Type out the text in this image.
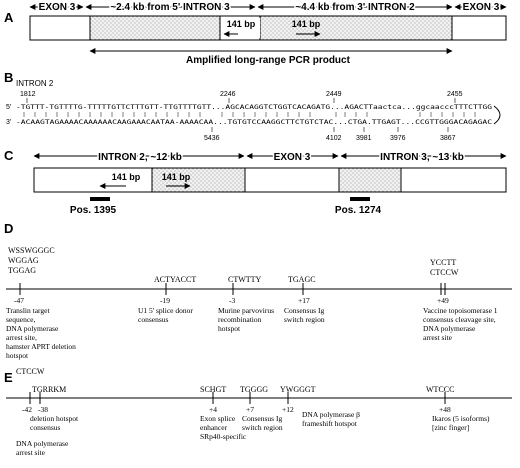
A
EXON 3	~2.4 kb from 5' INTRON 3	~4.4 kb from 3' INTRON 2	EXON 3
141 bp	141 bp
Amplified long-range PCR product
B INTRON 2
1812	2246	2449	2455
5' -TGTTT-TGTTTTG-TTTTTGTTCTTTGTT-TTGTTTTGTT...AGCACAGGTCTGGTCACAGATG...AGACTTaactca...ggcaacccTTTCTTGG
3' -ACAAGTAGAAAACAAAAAACAAGAAACAATAA-AAAACAA...TGTGTCCAAGGCTTCTGTCTAC...CTGA.TTGAGT...CCGTTGGGACAGAGAC
5436	4102 3981	3976	3867
C	INTRON 2, ~12 kb	EXON 3	INTRON 3, ~13 kb
141 bp 141 bp
Pos. 1395	Pos. 1274
D
WSSWGGGC
WGGAG
TGGAG
ACTYACCT	CTWTTY	TGAGC
YCCTT
CTCCW
-47	-19	-3	+17	+49
Translin target
sequence,
DNA polymerase
arrest site,
hamster APRT deletion
hotspot
U1 5' splice donor
consensus
Murine parvovirus
recombination
hotspot
Consensus Ig
switch region
Vaccine topoisomerase 1
consensus cleavage site,
DNA polymerase
arrest site
E CTCCW
TGRRKM	SCHGT TGGGG YWGGGT	WTCCC
-42 -38	+4	+7	+12	+48
deletion hotspot
consensus
DNA polymerase
arrest site
Exon splice
enhancer
SRp40-specific
Consensus Ig
switch region
DNA polymerase β
frameshift hotspot
Ikaros (5 isoforms)
[zinc finger]
